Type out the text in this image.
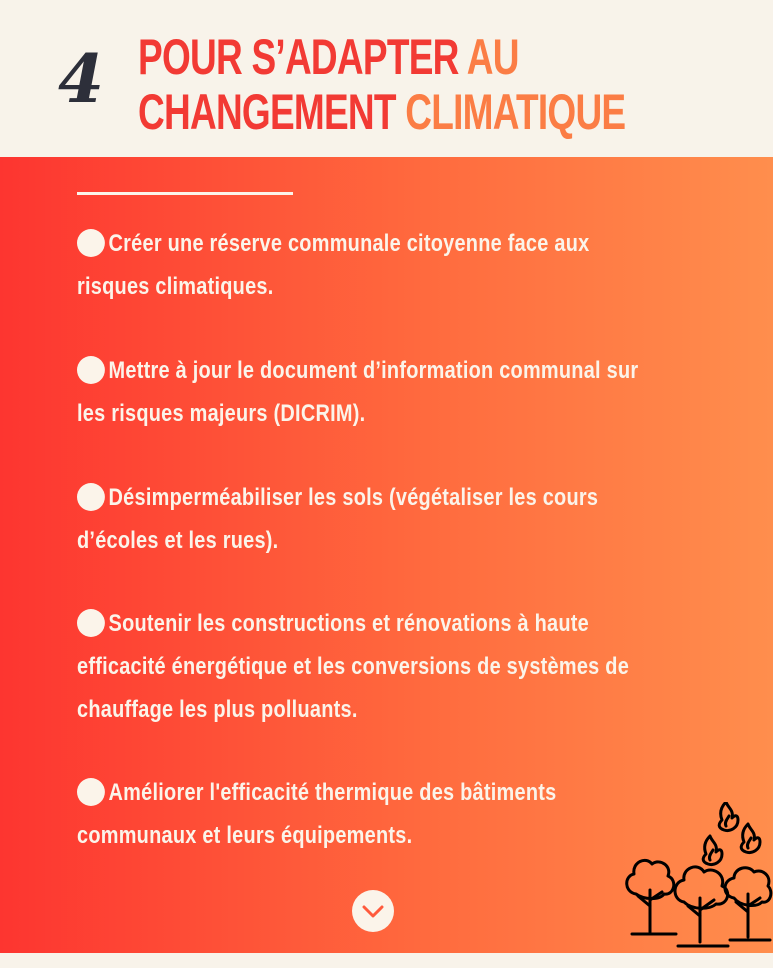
4 POUR S’ADAPTER AU
CHANGEMENT CLIMATIQUE

Créer une réserve communale citoyenne face aux risques climatiques.

Mettre à jour le document d’information communal sur les risques majeurs (DICRIM).

Désimperméabiliser les sols (végétaliser les cours d’écoles et les rues).

Soutenir les constructions et rénovations à haute efficacité énergétique et les conversions de systèmes de chauffage les plus polluants.

Améliorer l'efficacité thermique des bâtiments communaux et leurs équipements.
